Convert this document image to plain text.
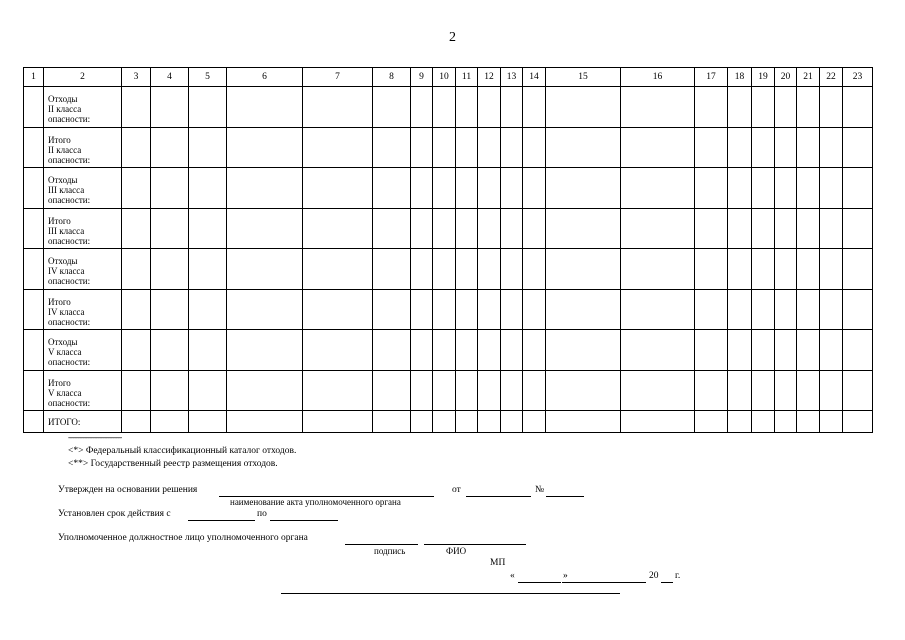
2
1	2	3	4	5	6	7	8	9	10	11	12	13	14	15	16	17	18	19	20	21	22	23

	Отходы
II класса
опасности:																					

	Итого
II класса
опасности:																					

	Отходы
III класса
опасности:																					

	Итого
III класса
опасности:																					

	Отходы
IV класса
опасности:																					

	Итого
IV класса
опасности:																					

	Отходы
V класса
опасности:																					

	Итого
V класса
опасности:																					

	ИТОГО:																					
--------------------------------
<*> Федеральный классификационный каталог отходов.
<**> Государственный реестр размещения отходов.
Утвержден на основании решения	от	№
наименование акта уполномоченного органа
Установлен срок действия с	по
Уполномоченное должностное лицо уполномоченного органа
подпись	ФИО
МП
«	»	20 г.
